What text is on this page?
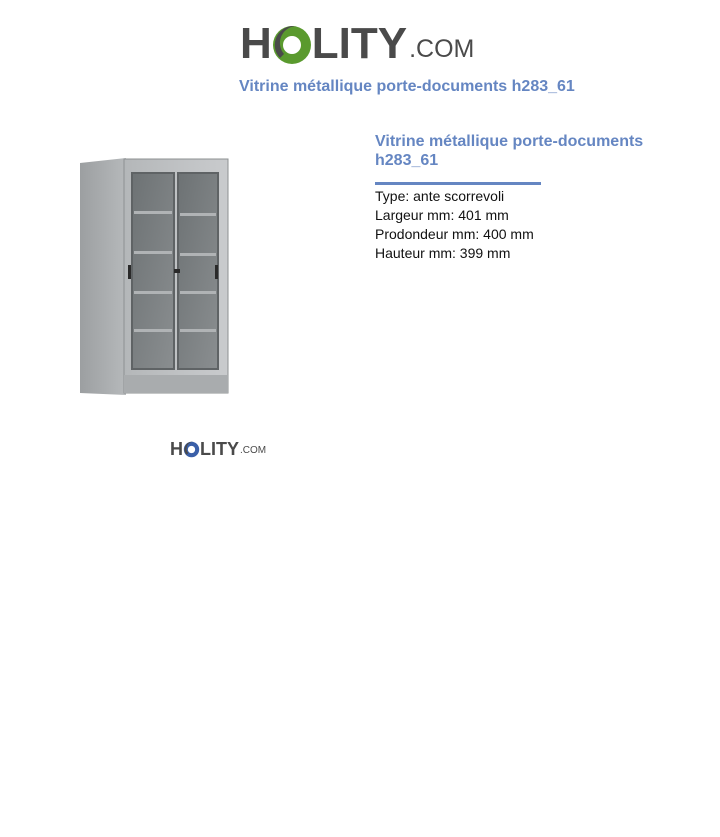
H LITY .COM
Vitrine métallique porte-documents h283_61
H LITY .COM
Vitrine métallique porte-documents h283_61
Type: ante scorrevoli
Largeur mm: 401 mm
Prodondeur mm: 400 mm
Hauteur mm: 399 mm
